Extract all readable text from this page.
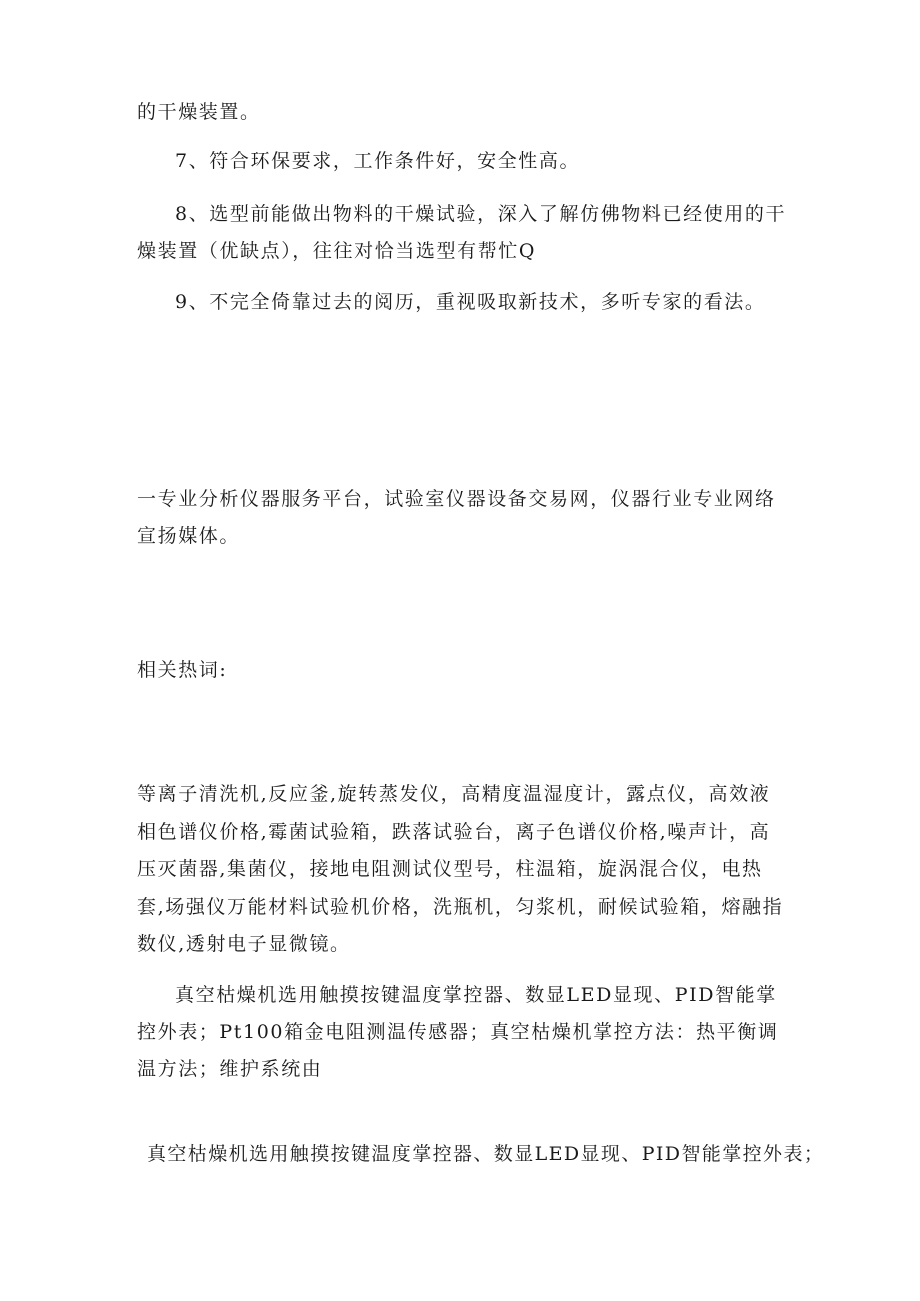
的干燥装置。

7、符合环保要求，工作条件好，安全性高。

8、选型前能做出物料的干燥试验，深入了解仿佛物料已经使用的干燥装置（优缺点），往往对恰当选型有帮忙Q

9、不完全倚靠过去的阅历，重视吸取新技术，多听专家的看法。

一专业分析仪器服务平台，试验室仪器设备交易网，仪器行业专业网络宣扬媒体。

相关热词:

等离子清洗机,反应釜,旋转蒸发仪，高精度温湿度计，露点仪，高效液相色谱仪价格,霉菌试验箱，跌落试验台，离子色谱仪价格,噪声计，高压灭菌器,集菌仪，接地电阻测试仪型号，柱温箱，旋涡混合仪，电热套,场强仪万能材料试验机价格，洗瓶机，匀浆机，耐候试验箱，熔融指数仪,透射电子显微镜。

真空枯燥机选用触摸按键温度掌控器、数显LED显现、PID智能掌控外表；Pt100箱金电阻测温传感器；真空枯燥机掌控方法：热平衡调温方法；维护系统由

真空枯燥机选用触摸按键温度掌控器、数显LED显现、PID智能掌控外表；
